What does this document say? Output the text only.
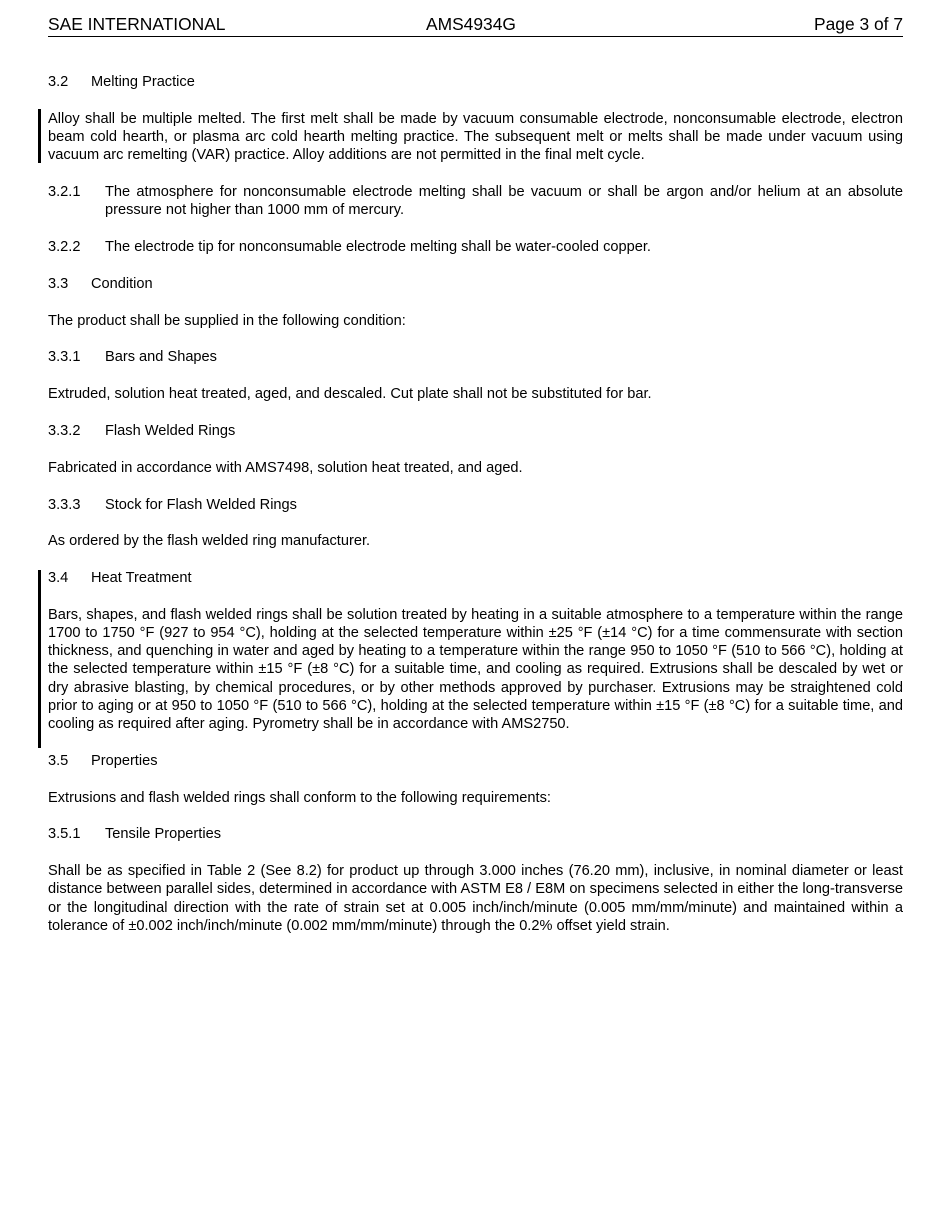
SAE INTERNATIONAL	AMS4934G	Page 3 of 7
3.2 Melting Practice

Alloy shall be multiple melted. The first melt shall be made by vacuum consumable electrode, nonconsumable electrode, electron beam cold hearth, or plasma arc cold hearth melting practice. The subsequent melt or melts shall be made under vacuum using vacuum arc remelting (VAR) practice. Alloy additions are not permitted in the final melt cycle.

3.2.1 The atmosphere for nonconsumable electrode melting shall be vacuum or shall be argon and/or helium at an absolute pressure not higher than 1000 mm of mercury.
3.2.2 The electrode tip for nonconsumable electrode melting shall be water-cooled copper.
3.3 Condition

The product shall be supplied in the following condition:

3.3.1 Bars and Shapes

Extruded, solution heat treated, aged, and descaled. Cut plate shall not be substituted for bar.

3.3.2 Flash Welded Rings

Fabricated in accordance with AMS7498, solution heat treated, and aged.

3.3.3 Stock for Flash Welded Rings

As ordered by the flash welded ring manufacturer.

3.4 Heat Treatment

Bars, shapes, and flash welded rings shall be solution treated by heating in a suitable atmosphere to a temperature within the range 1700 to 1750 °F (927 to 954 °C), holding at the selected temperature within ±25 °F (±14 °C) for a time commensurate with section thickness, and quenching in water and aged by heating to a temperature within the range 950 to 1050 °F (510 to 566 °C), holding at the selected temperature within ±15 °F (±8 °C) for a suitable time, and cooling as required. Extrusions shall be descaled by wet or dry abrasive blasting, by chemical procedures, or by other methods approved by purchaser. Extrusions may be straightened cold prior to aging or at 950 to 1050 °F (510 to 566 °C), holding at the selected temperature within ±15 °F (±8 °C) for a suitable time, and cooling as required after aging. Pyrometry shall be in accordance with AMS2750.

3.5 Properties

Extrusions and flash welded rings shall conform to the following requirements:

3.5.1 Tensile Properties

Shall be as specified in Table 2 (See 8.2) for product up through 3.000 inches (76.20 mm), inclusive, in nominal diameter or least distance between parallel sides, determined in accordance with ASTM E8 / E8M on specimens selected in either the long-transverse or the longitudinal direction with the rate of strain set at 0.005 inch/inch/minute (0.005 mm/mm/minute) and maintained within a tolerance of ±0.002 inch/inch/minute (0.002 mm/mm/minute) through the 0.2% offset yield strain.
